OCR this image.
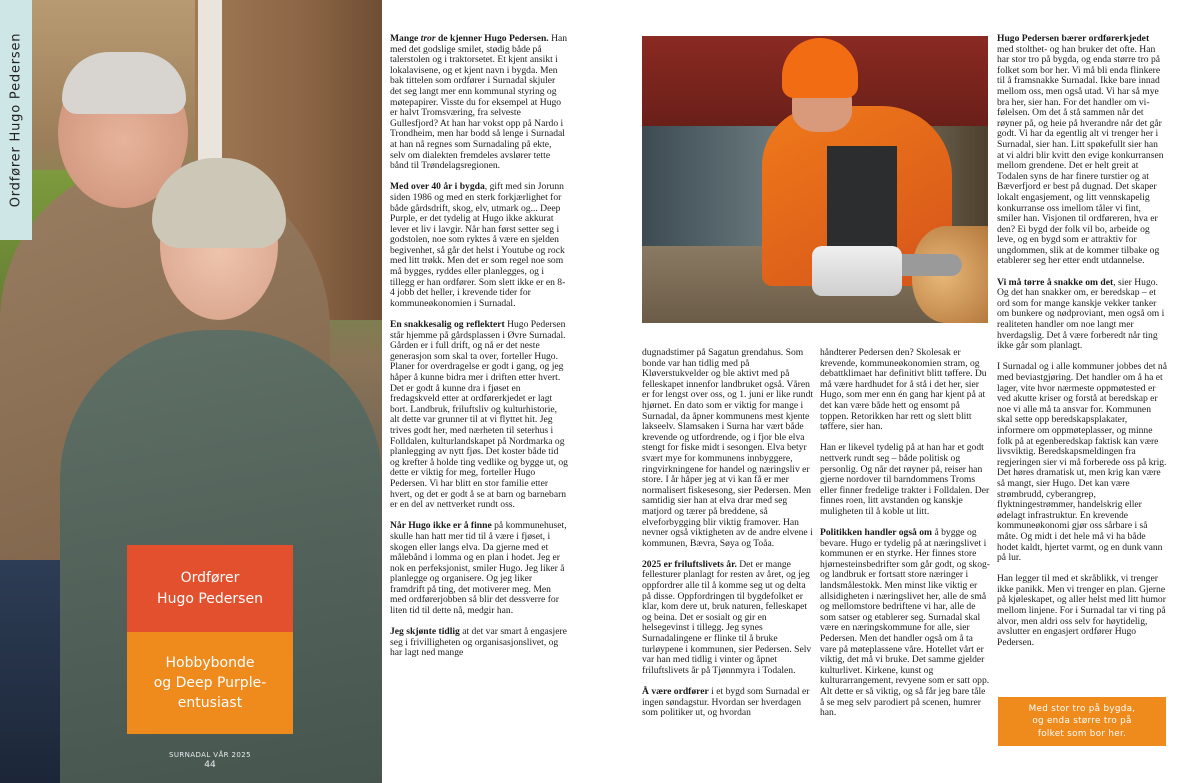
Ordfører Hugo Pedersen
Ordfører
Hugo Pedersen
Hobbybonde
og Deep Purple-
entusiast
SURNADAL VÅR 2025
44

Mange tror de kjenner Hugo Pedersen. Han med det godslige smilet, stødig både på talerstolen og i traktorsetet. Et kjent ansikt i lokalavisene, og et kjent navn i bygda. Men bak tittelen som ordfører i Surnadal skjuler det seg langt mer enn kommunal styring og møtepapirer. Visste du for eksempel at Hugo er halvt Tromsværing, fra selveste Gullesfjord? At han har vokst opp på Nardo i Trondheim, men har bodd så lenge i Surnadal at han nå regnes som Surnadaling på ekte, selv om dialekten fremdeles avslører tette bånd til Trøndelagsregionen.

Med over 40 år i bygda, gift med sin Jorunn siden 1986 og med en sterk forkjærlighet for både gårdsdrift, skog, elv, utmark og... Deep Purple, er det tydelig at Hugo ikke akkurat lever et liv i lavgir. Når han først setter seg i godstolen, noe som ryktes å være en sjelden begivenhet, så går det helst i Youtube og rock med litt trøkk. Men det er som regel noe som må bygges, ryddes eller planlegges, og i tillegg er han ordfører. Som slett ikke er en 8-4 jobb det heller, i krevende tider for kommuneøkonomien i Surnadal.

En snakkesalig og reflektert Hugo Pedersen står hjemme på gårdsplassen i Øvre Surnadal. Gården er i full drift, og nå er det neste generasjon som skal ta over, forteller Hugo. Planer for overdragelse er godt i gang, og jeg håper å kunne bidra mer i driften etter hvert. Det er godt å kunne dra i fjøset en fredagskveld etter at ordførerkjedet er lagt bort. Landbruk, friluftsliv og kulturhistorie, alt dette var grunner til at vi flyttet hit. Jeg trives godt her, med nærheten til seterhus i Folldalen, kulturlandskapet på Nordmarka og planlegging av nytt fjøs. Det koster både tid og krefter å holde ting vedlike og bygge ut, og dette er viktig for meg, forteller Hugo Pedersen. Vi har blitt en stor familie etter hvert, og det er godt å se at barn og barnebarn er en del av nettverket rundt oss.

Når Hugo ikke er å finne på kommunehuset, skulle han hatt mer tid til å være i fjøset, i skogen eller langs elva. Da gjerne med et målebånd i lomma og en plan i hodet. Jeg er nok en perfeksjonist, smiler Hugo. Jeg liker å planlegge og organisere. Og jeg liker framdrift på ting, det motiverer meg. Men med ordførerjobben så blir det dessverre for liten tid til dette nå, medgir han.

Jeg skjønte tidlig at det var smart å engasjere seg i frivilligheten og organisasjonslivet, og har lagt ned mange

dugnadstimer på Sagatun grendahus. Som bonde var han tidlig med på Kløverstukvelder og ble aktivt med på felleskapet innenfor landbruket også. Våren er for lengst over oss, og 1. juni er like rundt hjørnet. En dato som er viktig for mange i Surnadal, da åpner kommunens mest kjente lakseelv. Slamsaken i Surna har vært både krevende og utfordrende, og i fjor ble elva stengt for fiske midt i sesongen. Elva betyr svært mye for kommunens innbyggere, ringvirkningene for handel og næringsliv er store. I år håper jeg at vi kan få er mer normalisert fiskesesong, sier Pedersen. Men samtidig sier han at elva drar med seg matjord og tærer på breddene, så elveforbygging blir viktig framover. Han nevner også viktigheten av de andre elvene i kommunen, Bævra, Søya og Toåa.

2025 er friluftslivets år. Det er mange fellesturer planlagt for resten av året, og jeg oppfordrer alle til å komme seg ut og delta på disse. Oppfordringen til bygdefolket er klar, kom dere ut, bruk naturen, felleskapet og beina. Det er sosialt og gir en helsegevinst i tillegg. Jeg synes Surnadalingene er flinke til å bruke turløypene i kommunen, sier Pedersen. Selv var han med tidlig i vinter og åpnet friluftslivets år på Tjønnmyra i Todalen.

Å være ordfører i et bygd som Surnadal er ingen søndagstur. Hvordan ser hverdagen som politiker ut, og hvordan

håndterer Pedersen den? Skolesak er krevende, kommuneøkonomien stram, og debattklimaet har definitivt blitt tøffere. Du må være hardhudet for å stå i det her, sier Hugo, som mer enn én gang har kjent på at det kan være både hett og ensomt på toppen. Retorikken har rett og slett blitt tøffere, sier han.

Han er likevel tydelig på at han har et godt nettverk rundt seg – både politisk og personlig. Og når det røyner på, reiser han gjerne nordover til barndommens Troms eller finner fredelige trakter i Folldalen. Der finnes roen, litt avstanden og kanskje muligheten til å koble ut litt.

Politikken handler også om å bygge og bevare. Hugo er tydelig på at næringslivet i kommunen er en styrke. Her finnes store hjørnesteinsbedrifter som går godt, og skog- og landbruk er fortsatt store næringer i landsmålestokk. Men minst like viktig er allsidigheten i næringslivet her, alle de små og mellomstore bedriftene vi har, alle de som satser og etablerer seg. Surnadal skal være en næringskommune for alle, sier Pedersen. Men det handler også om å ta vare på møteplassene våre. Hotellet vårt er viktig, det må vi bruke. Det samme gjelder kulturlivet. Kirkene, kunst og kulturarrangement, revyene som er satt opp. Alt dette er så viktig, og så får jeg bare tåle å se meg selv parodiert på scenen, humrer han.

Hugo Pedersen bærer ordførerkjedet med stolthet- og han bruker det ofte. Han har stor tro på bygda, og enda større tro på folket som bor her. Vi må bli enda flinkere til å framsnakke Surnadal. Ikke bare innad mellom oss, men også utad. Vi har så mye bra her, sier han. For det handler om vi-følelsen. Om det å stå sammen når det røyner på, og heie på hverandre når det går godt. Vi har da egentlig alt vi trenger her i Surnadal, sier han. Litt spøkefullt sier han at vi aldri blir kvitt den evige konkurransen mellom grendene. Det er helt greit at Todalen syns de har finere turstier og at Bæverfjord er best på dugnad. Det skaper lokalt engasjement, og litt vennskapelig konkurranse oss imellom tåler vi fint, smiler han. Visjonen til ordføreren, hva er den? Ei bygd der folk vil bo, arbeide og leve, og en bygd som er attraktiv for ungdommen, slik at de kommer tilbake og etablerer seg her etter endt utdannelse.

Vi må tørre å snakke om det, sier Hugo. Og det han snakker om, er beredskap – et ord som for mange kanskje vekker tanker om bunkere og nødproviant, men også om i realiteten handler om noe langt mer hverdagslig. Det å være forberedt når ting ikke går som planlagt.

I Surnadal og i alle kommuner jobbes det nå med beviastgjøring. Det handler om å ha et lager, vite hvor nærmeste oppmøtested er ved akutte kriser og forstå at beredskap er noe vi alle må ta ansvar for. Kommunen skal sette opp beredskapsplakater, informere om oppmøteplasser, og minne folk på at egenberedskap faktisk kan være livsviktig. Beredskapsmeldingen fra regjeringen sier vi må forberede oss på krig. Det høres dramatisk ut, men krig kan være så mangt, sier Hugo. Det kan være strømbrudd, cyberangrep, flyktningestrømmer, handelskrig eller ødelagt infrastruktur. En krevende kommuneøkonomi gjør oss sårbare i så måte. Og midt i det hele må vi ha både hodet kaldt, hjertet varmt, og en dunk vann på lur.

Han legger til med et skråblikk, vi trenger ikke panikk. Men vi trenger en plan. Gjerne på kjøleskapet, og aller helst med litt humor mellom linjene. For i Surnadal tar vi ting på alvor, men aldri oss selv for høytidelig, avslutter en engasjert ordfører Hugo Pedersen.

Med stor tro på bygda,
og enda større tro på
folket som bor her.
